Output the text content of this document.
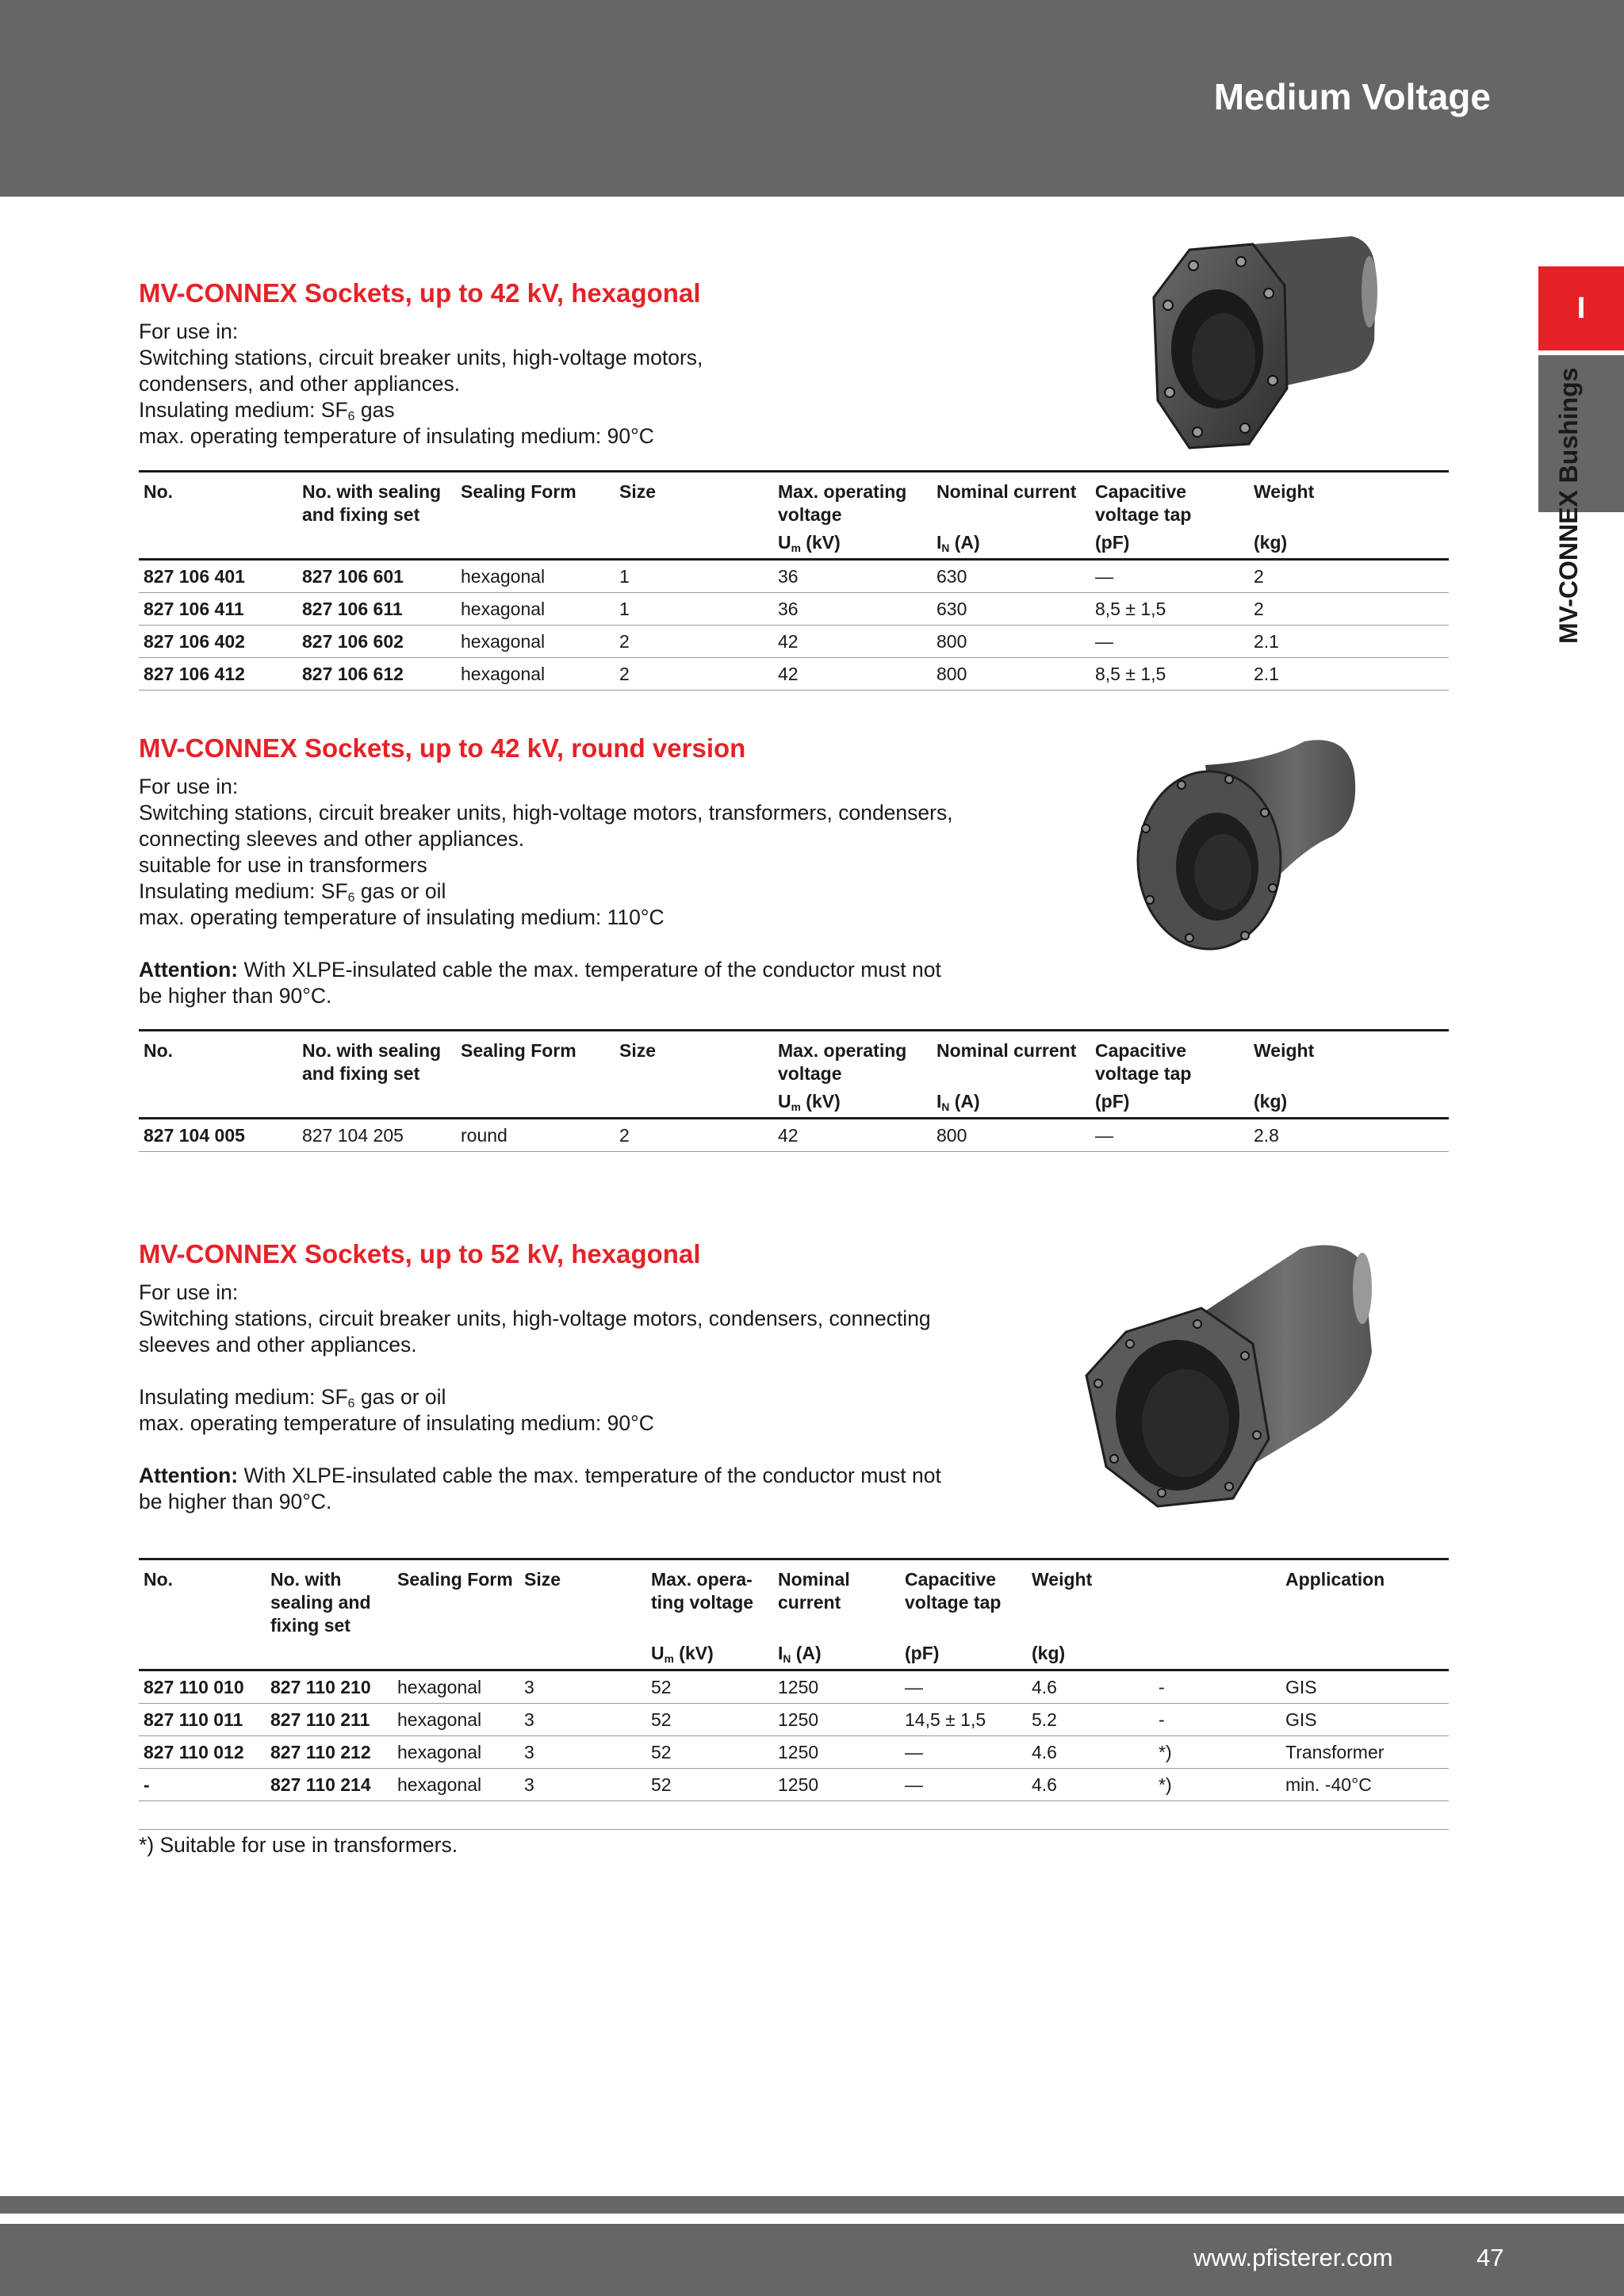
Medium Voltage
I
MV-CONNEX Bushings
MV-CONNEX Sockets, up to 42 kV, hexagonal
For use in:
Switching stations, circuit breaker units, high-voltage motors,
condensers, and other appliances.
Insulating medium: $SF_6$ gas
max. operating temperature of insulating medium: 90°C
No.	No. with sealing and fixing set	Sealing Form	Size	Max. operating voltage	Nominal current	Capacitive voltage tap	Weight
				$U_m$ (kV)	$I_N$ (A)	(pF)	(kg)
827 106 401	827 106 601	hexagonal	1	36	630	—	2
827 106 411	827 106 611	hexagonal	1	36	630	8,5 ± 1,5	2
827 106 402	827 106 602	hexagonal	2	42	800	—	2.1
827 106 412	827 106 612	hexagonal	2	42	800	8,5 ± 1,5	2.1
MV-CONNEX Sockets, up to 42 kV, round version
For use in:
Switching stations, circuit breaker units, high-voltage motors, transformers, condensers,
connecting sleeves and other appliances.
suitable for use in transformers
Insulating medium: $SF_6$ gas or oil
max. operating temperature of insulating medium: 110°C
Attention: With XLPE-insulated cable the max. temperature of the conductor must not
be higher than 90°C.
No.	No. with sealing and fixing set	Sealing Form	Size	Max. operating voltage	Nominal current	Capacitive voltage tap	Weight
				$U_m$ (kV)	$I_N$ (A)	(pF)	(kg)
827 104 005	827 104 205	round	2	42	800	—	2.8
MV-CONNEX Sockets, up to 52 kV, hexagonal
For use in:
Switching stations, circuit breaker units, high-voltage motors, condensers, connecting
sleeves and other appliances.
Insulating medium: $SF_6$ gas or oil
max. operating temperature of insulating medium: 90°C
Attention: With XLPE-insulated cable the max. temperature of the conductor must not
be higher than 90°C.
No.	No. with sealing and fixing set	Sealing Form	Size	Max. opera-ting voltage	Nominal current	Capacitive voltage tap	Weight		Application
				$U_m$ (kV)	$I_N$ (A)	(pF)	(kg)		
827 110 010	827 110 210	hexagonal	3	52	1250	—	4.6	-	GIS
827 110 011	827 110 211	hexagonal	3	52	1250	14,5 ± 1,5	5.2	-	GIS
827 110 012	827 110 212	hexagonal	3	52	1250	—	4.6	*)	Transformer
-	827 110 214	hexagonal	3	52	1250	—	4.6	*)	min. -40°C
*) Suitable for use in transformers.
www.pfisterer.com	47
